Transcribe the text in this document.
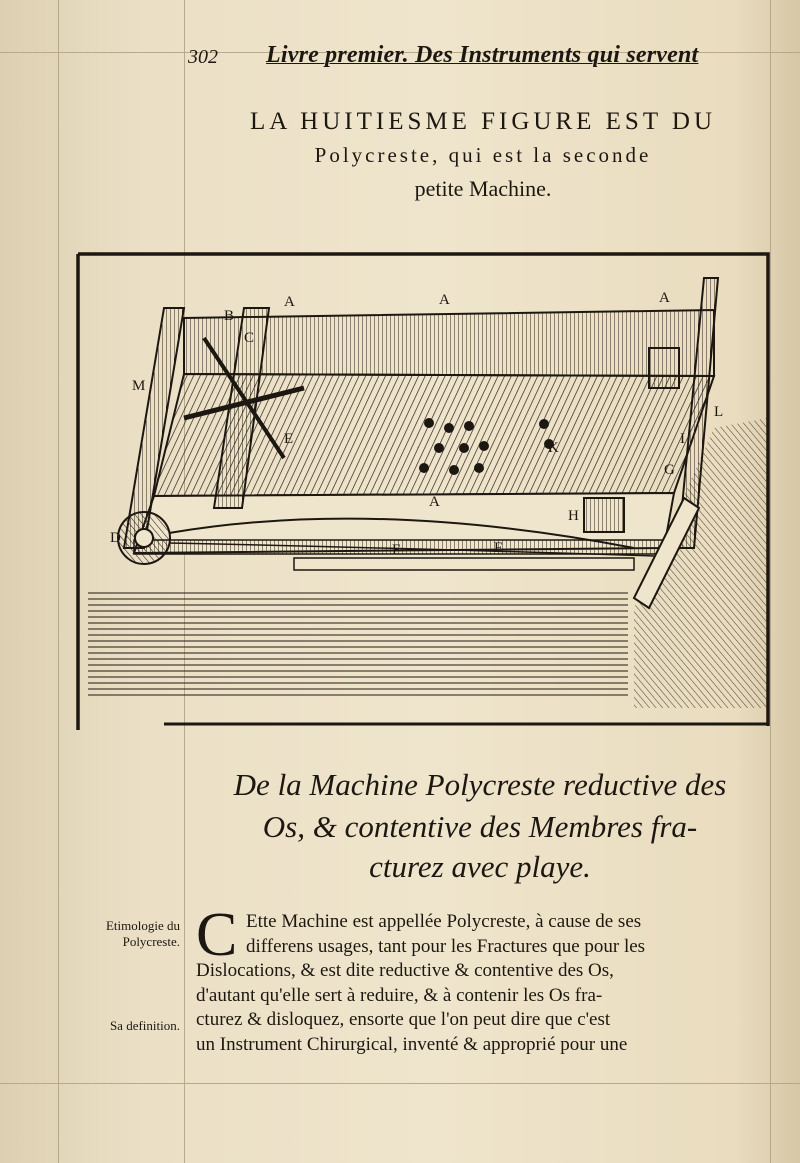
302 Livre premier. Des Instruments qui servent
LA HUITIESME FIGURE EST DU
Polycreste, qui est la seconde
petite Machine.
A	A	A
B
C
M
E
K
G
I
L
A
H
D
F	F
De la Machine Polycreste reductive des
Os, & contentive des Membres fra-
cturez avec playe.
Etimologie du Polycreste.
Sa definition.
C Ette Machine est appellée Polycreste, à cause de ses
differens usages, tant pour les Fractures que pour les
Dislocations, & est dite reductive & contentive des Os,
d'autant qu'elle sert à reduire, & à contenir les Os fra-
cturez & disloquez, ensorte que l'on peut dire que c'est
un Instrument Chirurgical, inventé & approprié pour une
